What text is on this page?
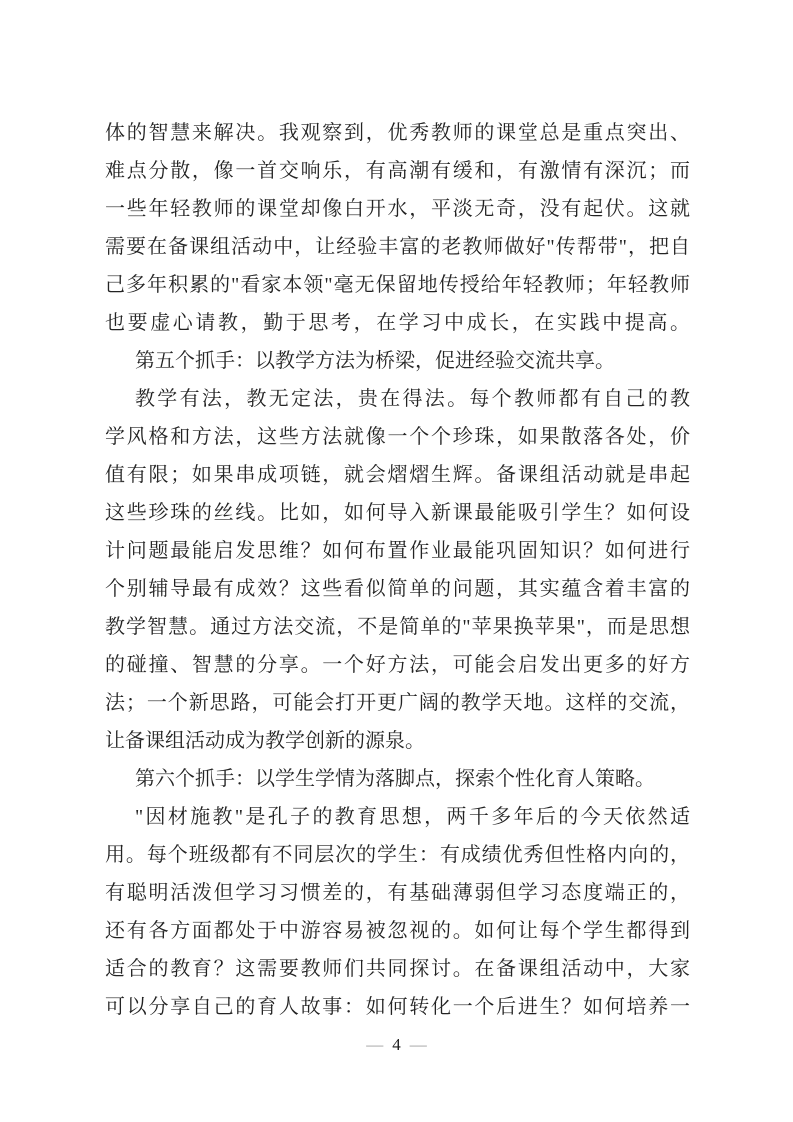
体的智慧来解决。我观察到，优秀教师的课堂总是重点突出、
难点分散，像一首交响乐，有高潮有缓和，有激情有深沉；而
一些年轻教师的课堂却像白开水，平淡无奇，没有起伏。这就
需要在备课组活动中，让经验丰富的老教师做好"传帮带"，把自
己多年积累的"看家本领"毫无保留地传授给年轻教师；年轻教师
也要虚心请教，勤于思考，在学习中成长，在实践中提高。
第五个抓手：以教学方法为桥梁，促进经验交流共享。
教学有法，教无定法，贵在得法。每个教师都有自己的教
学风格和方法，这些方法就像一个个珍珠，如果散落各处，价
值有限；如果串成项链，就会熠熠生辉。备课组活动就是串起
这些珍珠的丝线。比如，如何导入新课最能吸引学生？如何设
计问题最能启发思维？如何布置作业最能巩固知识？如何进行
个别辅导最有成效？这些看似简单的问题，其实蕴含着丰富的
教学智慧。通过方法交流，不是简单的"苹果换苹果"，而是思想
的碰撞、智慧的分享。一个好方法，可能会启发出更多的好方
法；一个新思路，可能会打开更广阔的教学天地。这样的交流，
让备课组活动成为教学创新的源泉。
第六个抓手：以学生学情为落脚点，探索个性化育人策略。
"因材施教"是孔子的教育思想，两千多年后的今天依然适
用。每个班级都有不同层次的学生：有成绩优秀但性格内向的，
有聪明活泼但学习习惯差的，有基础薄弱但学习态度端正的，
还有各方面都处于中游容易被忽视的。如何让每个学生都得到
适合的教育？这需要教师们共同探讨。在备课组活动中，大家
可以分享自己的育人故事：如何转化一个后进生？如何培养一
— 4 —
